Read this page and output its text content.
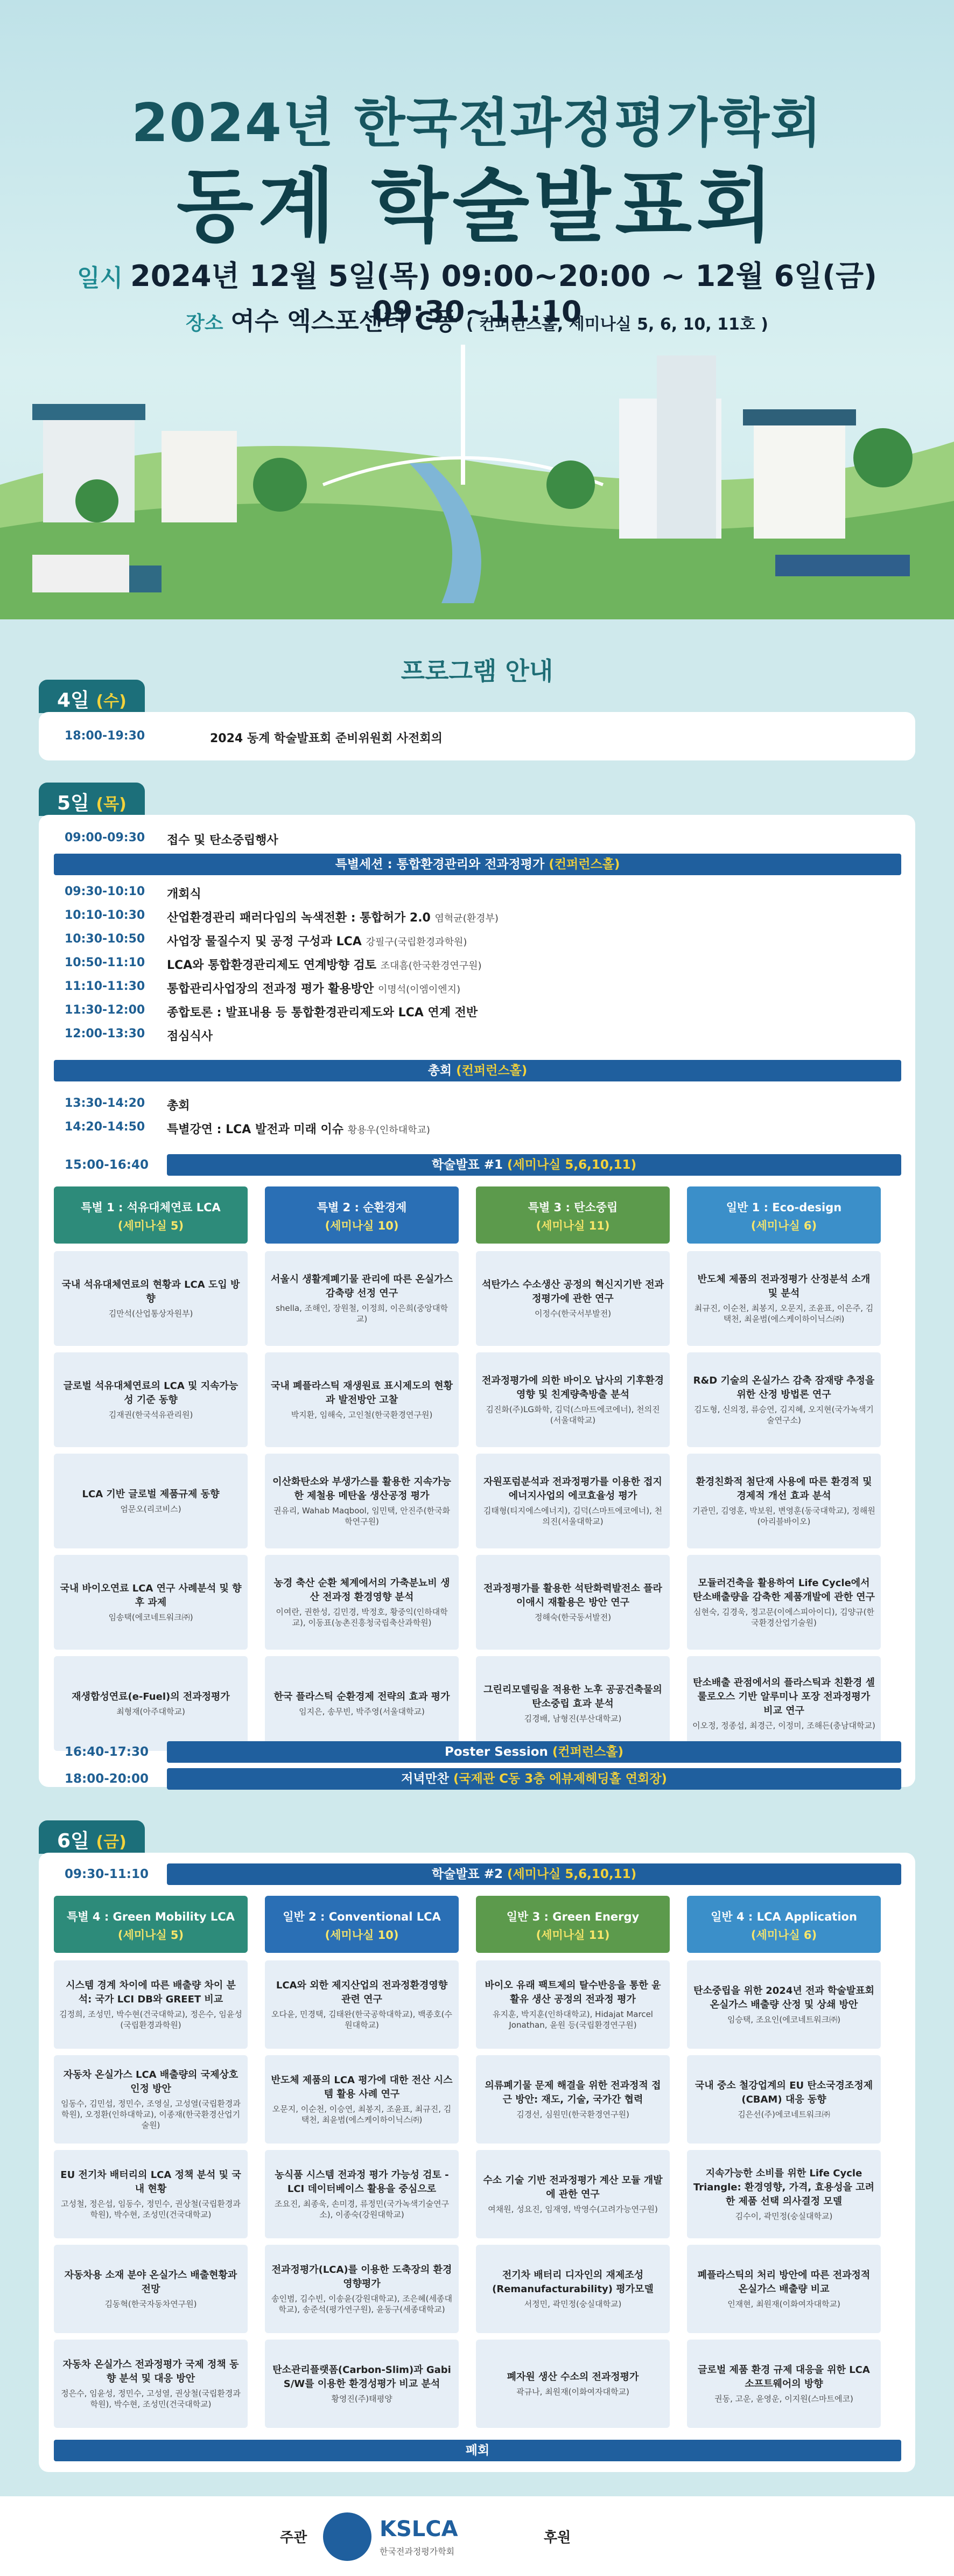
2024년 한국전과정평가학회
동계 학술발표회
일시 2024년 12월 5일(목) 09:00~20:00 ~ 12월 6일(금) 09:30~11:10
장소 여수 엑스포센터 C동 ( 컨퍼런스홀, 세미나실 5, 6, 10, 11호 )
프로그램 안내
4일 (수)
18:00-19:30	2024 동계 학술발표회 준비위원회 사전회의
5일 (목)
09:00-09:30	접수 및 탄소중립행사
특별세션 : 통합환경관리와 전과정평가 (컨퍼런스홀)
09:30-10:10	개회식
10:10-10:30	산업환경관리 패러다임의 녹색전환 : 통합허가 2.0 염혁균(환경부)
10:30-10:50	사업장 물질수지 및 공정 구성과 LCA 강필구(국립환경과학원)
10:50-11:10	LCA와 통합환경관리제도 연계방향 검토 조대흠(한국환경연구원)
11:10-11:30	통합관리사업장의 전과정 평가 활용방안 이명석(이엠이엔지)
11:30-12:00	종합토론 : 발표내용 등 통합환경관리제도와 LCA 연계 전반
12:00-13:30	점심식사
총회 (컨퍼런스홀)
13:30-14:20	총회
14:20-14:50	특별강연 : LCA 발전과 미래 이슈 황용우(인하대학교)
15:00-16:40	학술발표 #1 (세미나실 5,6,10,11)
특별 1 : 석유대체연료 LCA
(세미나실 5)
국내 석유대체연료의 현황과 LCA 도입 방향
김만석(산업통상자원부)
글로벌 석유대체연료의 LCA 및 지속가능성 기준 동향
김재권(한국석유관리원)
LCA 기반 글로벌 제품규제 동향
엄문오(리코비스)
국내 바이오연료 LCA 연구 사례분석 및 향후 과제
임송택(에코네트워크㈜)
재생합성연료(e-Fuel)의 전과정평가
최형재(아주대학교)
특별 2 : 순환경제
(세미나실 10)
서울시 생활계폐기물 관리에 따른 온실가스 감축량 선정 연구
shella, 조해인, 장원철, 이정희, 이은희(중앙대학교)
국내 폐플라스틱 재생원료 표시제도의 현황과 발전방안 고찰
박지환, 임해숙, 고인철(한국환경연구원)
이산화탄소와 부생가스를 활용한 지속가능한 제철용 메탄올 생산공정 평가
권유리, Wahab Maqbool, 임민택, 안진주(한국화학연구원)
농경 축산 순환 체계에서의 가축분뇨비 생산 전과정 환경영향 분석
이여란, 권한성, 김민경, 박정호, 황중익(인하대학교), 이동표(농촌진흥청국립축산과학원)
한국 플라스틱 순환경제 전략의 효과 평가
임지은, 송무빈, 박주영(서울대학교)
특별 3 : 탄소중립
(세미나실 11)
석탄가스 수소생산 공정의 혁신지기반 전과정평가에 관한 연구
이정수(한국서부발전)
전과정평가에 의한 바이오 납사의 기후환경영향 및 친계량축방출 분석
김진화(주)LG화학, 김덕(스마트에코에너), 천의진(서울대학교)
자원포럼분석과 전과정평가를 이용한 접지에너지사업의 에코효율성 평가
김태형(티지에스에너지), 김덕(스마트에코에너), 천의진(서울대학교)
전과정평가를 활용한 석탄화력발전소 플라이애시 재활용은 방안 연구
정해숙(한국동서발전)
그린리모델링을 적용한 노후 공공건축물의 탄소중립 효과 분석
김경배, 남형진(부산대학교)
일반 1 : Eco-design
(세미나실 6)
반도체 제품의 전과정평가 산정분석 소개 및 분석
최규진, 이순천, 최봉지, 오문지, 조윤표, 이은주, 김택천, 최윤범(에스케이하이닉스㈜)
R&D 기술의 온실가스 감축 잠재량 추정을 위한 산정 방법론 연구
김도형, 신의정, 류승연, 김지혜, 오지현(국가녹색기술연구소)
환경친화적 첨단재 사용에 따른 환경적 및 경제적 개선 효과 분석
기관민, 김영훈, 박보원, 변영훈(동국대학교), 정해원(아리블바이오)
모듈러건축을 활용하여 Life Cycle에서 탄소배출량을 감축한 제품개발에 관한 연구
심현숙, 김경욱, 정고문(이에스피아이디), 김양규(한국환경산업기술원)
탄소배출 관점에서의 플라스틱과 친환경 셀룰로오스 기반 알루미나 포장 전과정평가 비교 연구
이오정, 정종섭, 최경근, 이정미, 조해든(충남대학교)
16:40-17:30	Poster Session (컨퍼런스홀)
18:00-20:00	저녁만찬 (국제관 C동 3층 에뷰제헤딩홀 연회장)
6일 (금)
09:30-11:10	학술발표 #2 (세미나실 5,6,10,11)
특별 4 : Green Mobility LCA
(세미나실 5)
시스템 경계 차이에 따른 배출량 차이 분석: 국가 LCI DB와 GREET 비교
김정희, 조성민, 박수현(건국대학교), 정은수, 임윤성(국립환경과학원)
자동차 온실가스 LCA 배출량의 국제상호인정 방안
임동수, 김민섭, 정민수, 조영실, 고성열(국립환경과학원), 오정환(인하대학교), 이종재(한국환경산업기술원)
EU 전기차 배터리의 LCA 정책 분석 및 국내 현황
고성철, 정은섭, 임동수, 정민수, 권상철(국립환경과학원), 박수현, 조성민(건국대학교)
자동차용 소재 분야 온실가스 배출현황과 전망
김동혁(한국자동차연구원)
자동차 온실가스 전과정평가 국제 정책 동향 분석 및 대응 방안
정은수, 임윤성, 정민수, 고성열, 권상철(국립환경과학원), 박수현, 조성민(건국대학교)
일반 2 : Conventional LCA
(세미나실 10)
LCA와 외한 제지산업의 전과정환경영향 관련 연구
오다윤, 민경택, 김태완(한국공학대학교), 백종호(수원대학교)
반도체 제품의 LCA 평가에 대한 전산 시스템 활용 사례 연구
오문지, 이순천, 이승연, 최봉지, 조윤표, 최규진, 김택천, 최윤범(에스케이하이닉스㈜)
농식품 시스템 전과정 평가 가능성 검토 - LCI 데이터베이스 활용을 중심으로
조요진, 최종욱, 손미경, 류정민(국가녹색기술연구소), 이종숙(강원대학교)
전과정평가(LCA)를 이용한 도축장의 환경영향평가
송인범, 김수빈, 이송윤(강원대학교), 조은혜(세종대학교), 송준석(평가연구원), 윤동구(세종대학교)
탄소관리플랫폼(Carbon-Slim)과 Gabi S/W를 이용한 환경성평가 비교 분석
황영진(주)태평양
일반 3 : Green Energy
(세미나실 11)
바이오 유래 팩트제의 탈수반응을 통한 윤활유 생산 공정의 전과정 평가
유지훈, 박지훈(인하대학교), Hidajat Marcel Jonathan, 윤원 등(국립환경연구원)
의류폐기물 문제 해결을 위한 전과정적 접근 방안: 재도, 기술, 국가간 협력
김경선, 심원민(한국환경연구원)
수소 기술 기반 전과정평가 계산 모듈 개발에 관한 연구
여채원, 성요진, 임재영, 박영수(고려가능연구원)
전기차 배터리 디자인의 재제조성 (Remanufacturability) 평가모델
서정민, 곽민정(숭실대학교)
폐자원 생산 수소의 전과정평가
곽규나, 최원재(이화여자대학교)
일반 4 : LCA Application
(세미나실 6)
탄소중립을 위한 2024년 전과 학술발표회 온실가스 배출량 산정 및 상쇄 방안
임승택, 조요인(에코네트워크㈜)
국내 중소 철강업계의 EU 탄소국경조정제(CBAM) 대응 동향
김은선(주)에코네트워크㈜
지속가능한 소비를 위한 Life Cycle Triangle: 환경영향, 가격, 효용성을 고려한 제품 선택 의사결정 모델
김수이, 곽민정(숭실대학교)
폐플라스틱의 처리 방안에 따른 전과정적 온실가스 배출량 비교
인재현, 최원재(이화여자대학교)
글로벌 제품 환경 규제 대응을 위한 LCA 소프트웨어의 방향
권동, 고운, 윤영운, 이지원(스마트에코)
폐회
주관	KSLCA
한국전과정평가학회
후원
